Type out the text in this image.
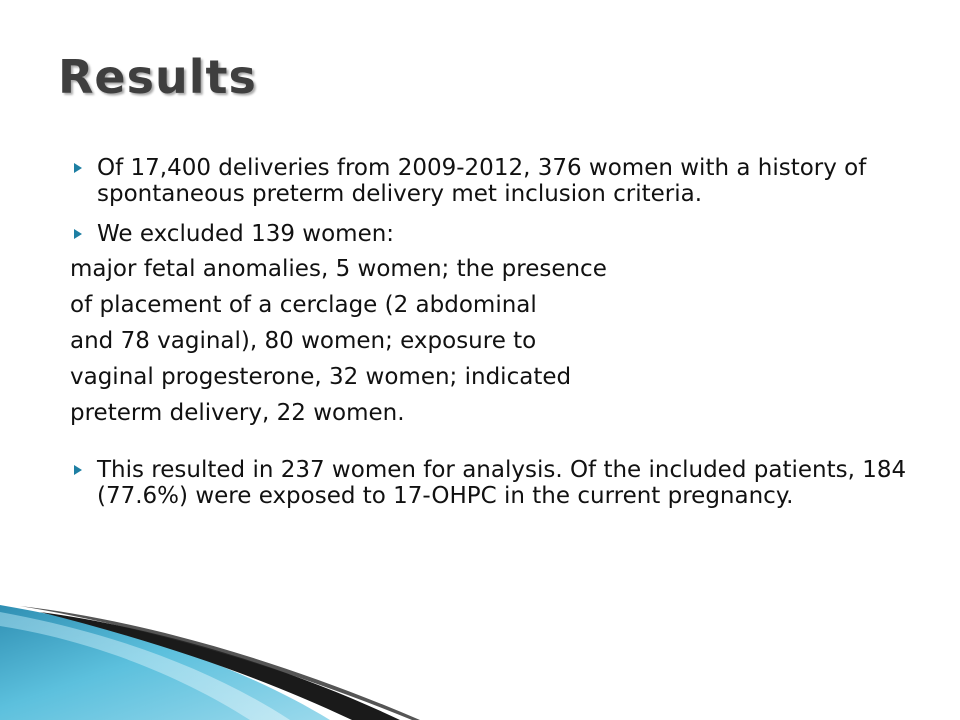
Results

Of 17,400 deliveries from 2009-2012, 376 women with a history of spontaneous preterm delivery met inclusion criteria.

We excluded 139 women:

major fetal anomalies, 5 women; the presence

of placement of a cerclage (2 abdominal

and 78 vaginal), 80 women; exposure to

vaginal progesterone, 32 women; indicated

preterm delivery, 22 women.

This resulted in 237 women for analysis. Of the included patients, 184 (77.6%) were exposed to 17-OHPC in the current pregnancy.
